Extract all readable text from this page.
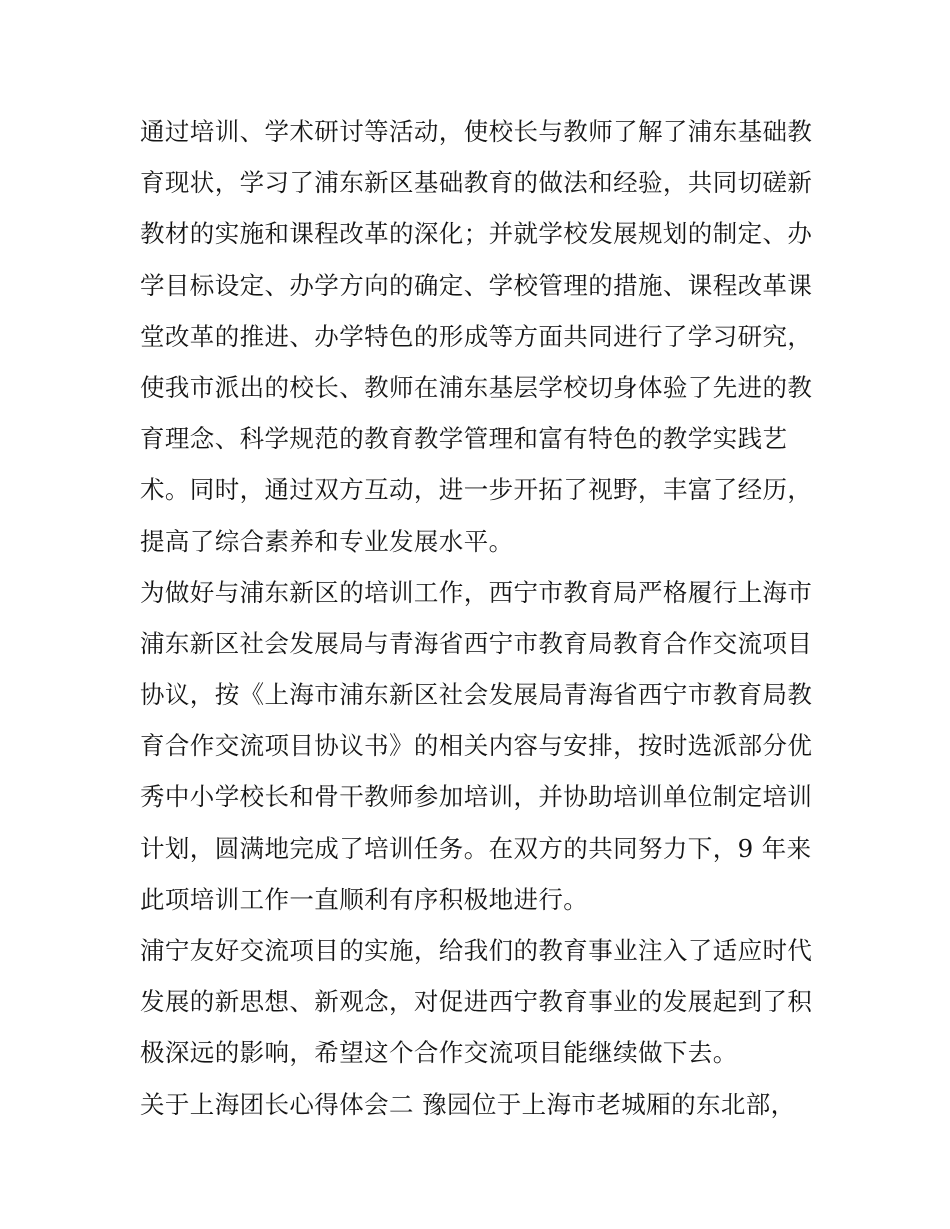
通过培训、学术研讨等活动，使校长与教师了解了浦东基础教
育现状，学习了浦东新区基础教育的做法和经验，共同切磋新
教材的实施和课程改革的深化；并就学校发展规划的制定、办
学目标设定、办学方向的确定、学校管理的措施、课程改革课
堂改革的推进、办学特色的形成等方面共同进行了学习研究，
使我市派出的校长、教师在浦东基层学校切身体验了先进的教
育理念、科学规范的教育教学管理和富有特色的教学实践艺
术。同时，通过双方互动，进一步开拓了视野，丰富了经历，
提高了综合素养和专业发展水平。
为做好与浦东新区的培训工作，西宁市教育局严格履行上海市
浦东新区社会发展局与青海省西宁市教育局教育合作交流项目
协议，按《上海市浦东新区社会发展局青海省西宁市教育局教
育合作交流项目协议书》的相关内容与安排，按时选派部分优
秀中小学校长和骨干教师参加培训，并协助培训单位制定培训
计划，圆满地完成了培训任务。在双方的共同努力下，9 年来
此项培训工作一直顺利有序积极地进行。
浦宁友好交流项目的实施，给我们的教育事业注入了适应时代
发展的新思想、新观念，对促进西宁教育事业的发展起到了积
极深远的影响，希望这个合作交流项目能继续做下去。
关于上海团长心得体会二 豫园位于上海市老城厢的东北部，
